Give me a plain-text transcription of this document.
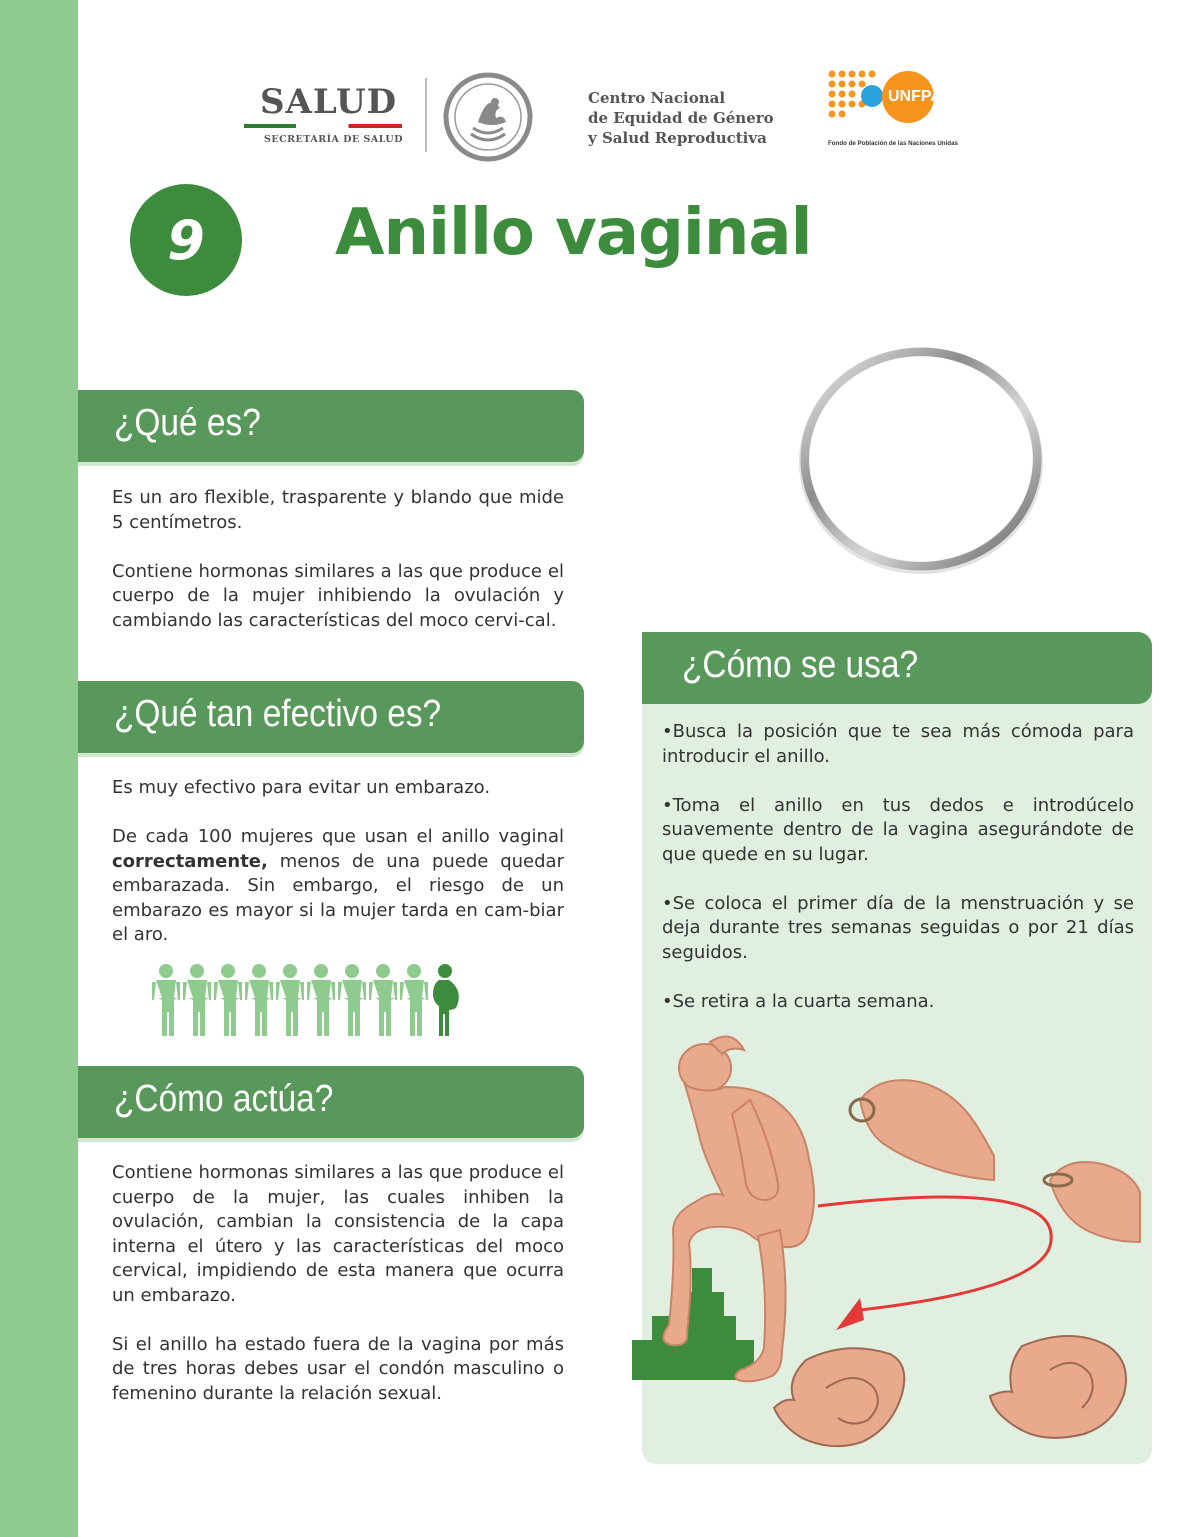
SALUD
SECRETARÍA DE SALUD
Centro Nacional
de Equidad de Género
y Salud Reproductiva
UNFPA
Fondo de Población de las Naciones Unidas
9	Anillo vaginal
¿Qué es?

Es un aro flexible, trasparente y blando que mide 5 centímetros.

Contiene hormonas similares a las que produce el cuerpo de la mujer inhibiendo la ovulación y cambiando las características del moco cervi-cal.

¿Qué tan efectivo es?

Es muy efectivo para evitar un embarazo.

De cada 100 mujeres que usan el anillo vaginal correctamente, menos de una puede quedar embarazada. Sin embargo, el riesgo de un embarazo es mayor si la mujer tarda en cam-biar el aro.

¿Cómo actúa?

Contiene hormonas similares a las que produce el cuerpo de la mujer, las cuales inhiben la ovulación, cambian la consistencia de la capa interna el útero y las características del moco cervical, impidiendo de esta manera que ocurra un embarazo.

Si el anillo ha estado fuera de la vagina por más de tres horas debes usar el condón masculino o femenino durante la relación sexual.

¿Cómo se usa?

•Busca la posición que te sea más cómoda para introducir el anillo.

•Toma el anillo en tus dedos e introdúcelo suavemente dentro de la vagina asegurándote de que quede en su lugar.

•Se coloca el primer día de la menstruación y se deja durante tres semanas seguidas o por 21 días seguidos.

•Se retira a la cuarta semana.
